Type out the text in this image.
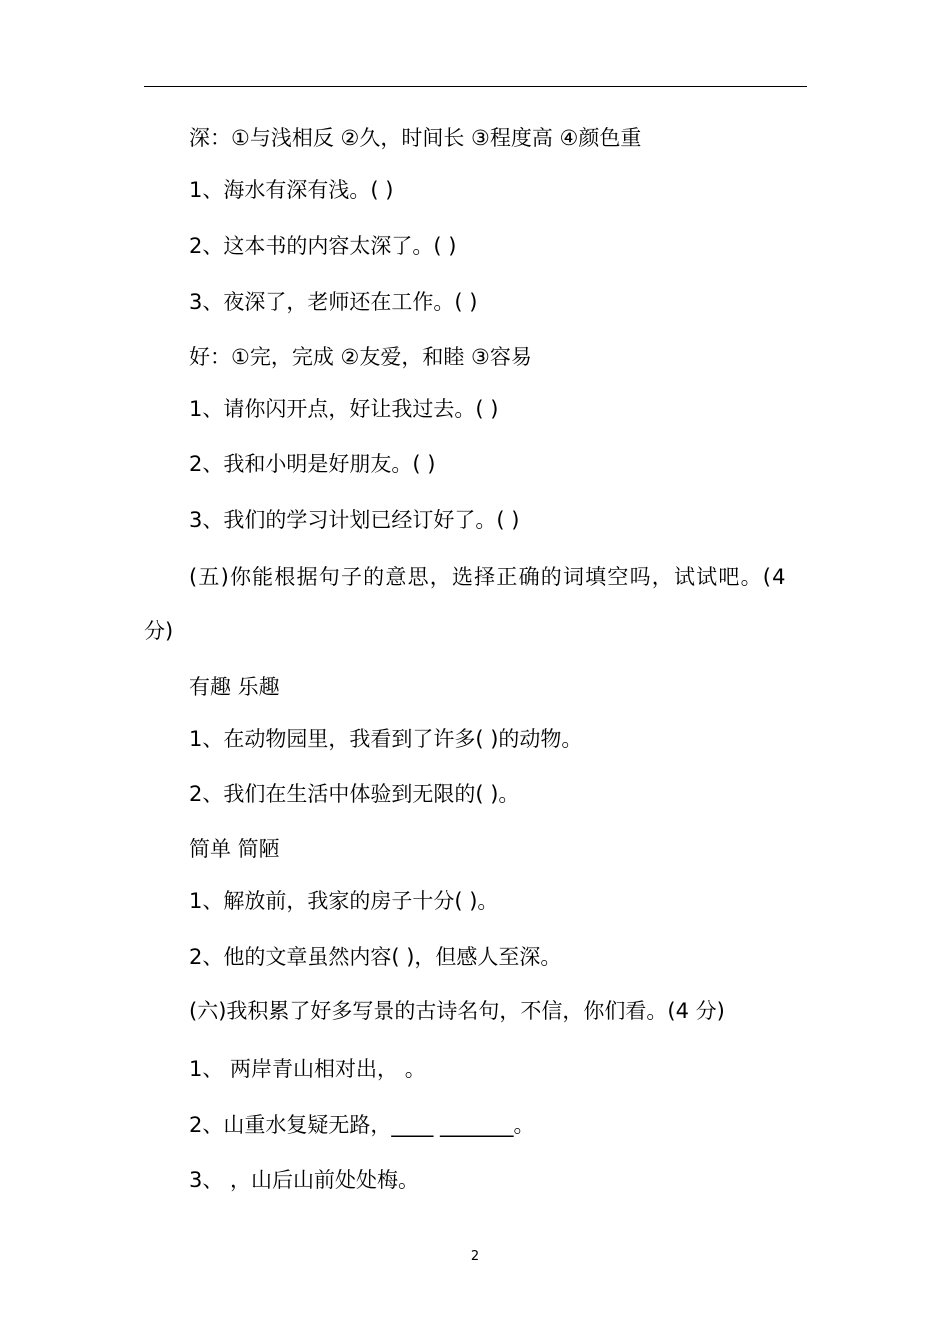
深：①与浅相反 ②久，时间长 ③程度高 ④颜色重
1、海水有深有浅。( )
2、这本书的内容太深了。( )
3、夜深了，老师还在工作。( )
好：①完，完成 ②友爱，和睦 ③容易
1、请你闪开点，好让我过去。( )
2、我和小明是好朋友。( )
3、我们的学习计划已经订好了。( )
(五)你能根据句子的意思，选择正确的词填空吗，试试吧。(4
分)
有趣 乐趣
1、在动物园里，我看到了许多( )的动物。
2、我们在生活中体验到无限的( )。
简单 简陋
1、解放前，我家的房子十分( )。
2、他的文章虽然内容( )，但感人至深。
(六)我积累了好多写景的古诗名句，不信，你们看。(4 分)
1、 两岸青山相对出， 。
2、山重水复疑无路，____ _______。
3、 ，山后山前处处梅。
2
